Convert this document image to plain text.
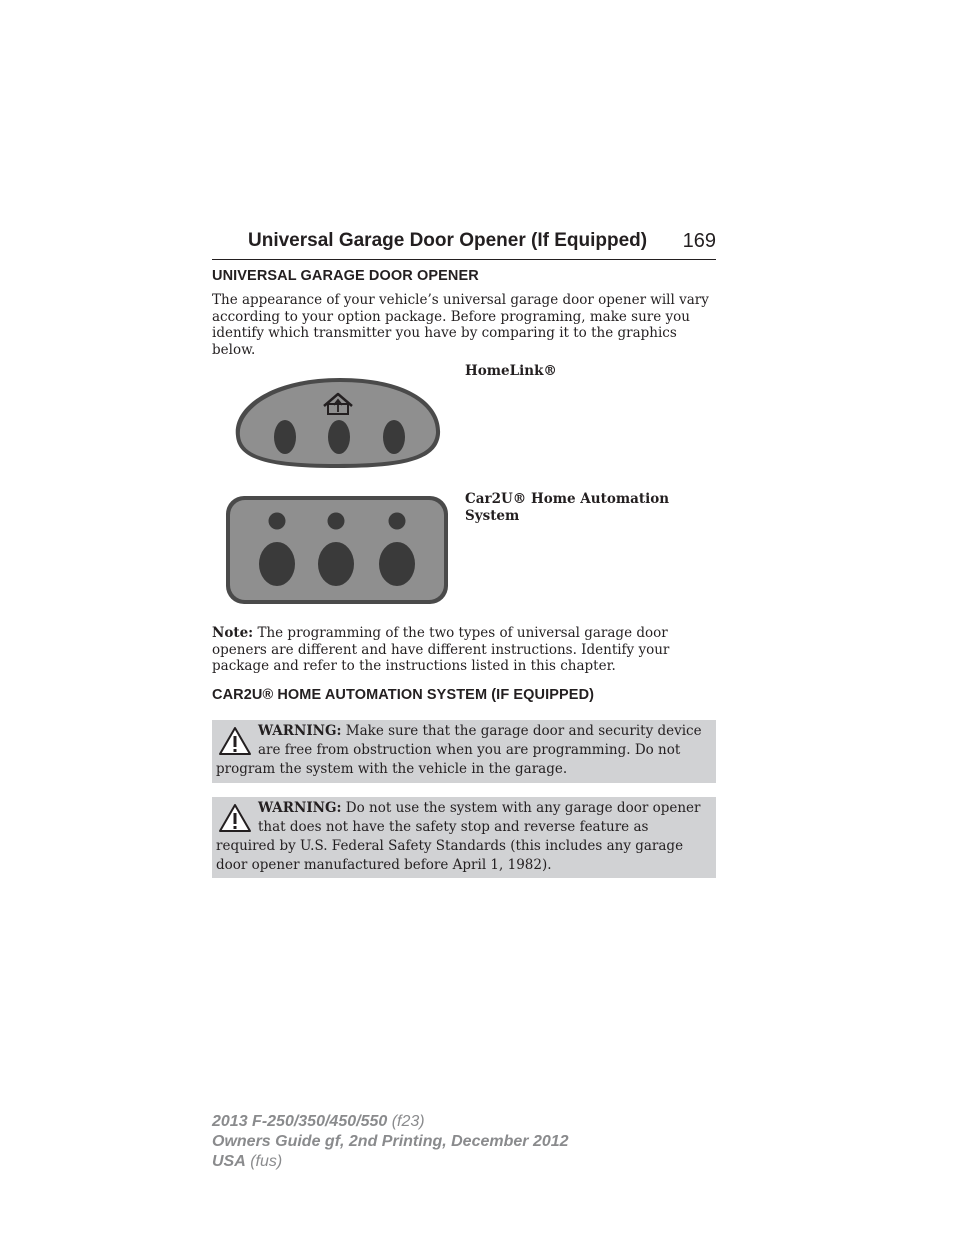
Universal Garage Door Opener (If Equipped) 169
UNIVERSAL GARAGE DOOR OPENER
The appearance of your vehicle’s universal garage door opener will vary
according to your option package. Before programing, make sure you
identify which transmitter you have by comparing it to the graphics
below.
HomeLink®
Car2U® Home Automation
System
Note: The programming of the two types of universal garage door
openers are different and have different instructions. Identify your
package and refer to the instructions listed in this chapter.
CAR2U® HOME AUTOMATION SYSTEM (IF EQUIPPED)
WARNING: Make sure that the garage door and security device
are free from obstruction when you are programming. Do not
program the system with the vehicle in the garage.
WARNING: Do not use the system with any garage door opener
that does not have the safety stop and reverse feature as
required by U.S. Federal Safety Standards (this includes any garage
door opener manufactured before April 1, 1982).
2013 F-250/350/450/550 (f23)
Owners Guide gf, 2nd Printing, December 2012
USA (fus)
